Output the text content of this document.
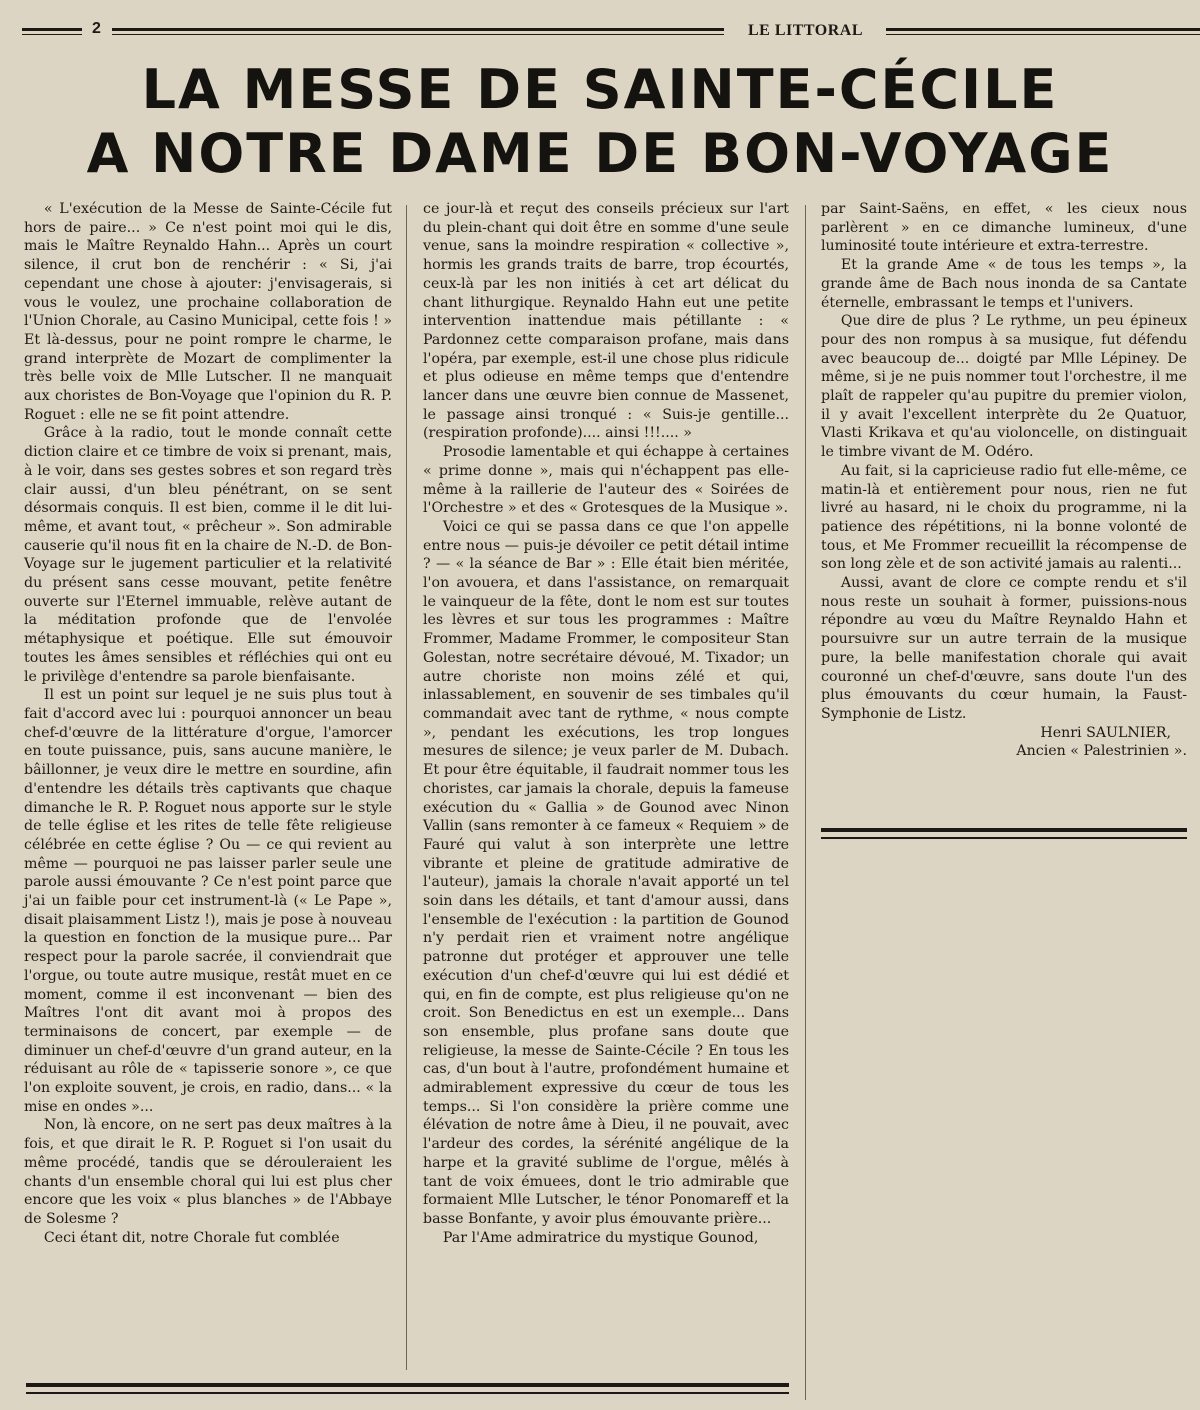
2	LE LITTORAL
LA MESSE DE SAINTE-CÉCILE
A NOTRE DAME DE BON-VOYAGE

« L'exécution de la Messe de Sainte-Cécile fut hors de paire... » Ce n'est point moi qui le dis, mais le Maître Reynaldo Hahn... Après un court silence, il crut bon de renchérir : « Si, j'ai cependant une chose à ajouter: j'envisagerais, si vous le voulez, une prochaine collaboration de l'Union Chorale, au Casino Municipal, cette fois ! » Et là-dessus, pour ne point rompre le charme, le grand interprète de Mozart de complimenter la très belle voix de Mlle Lutscher. Il ne manquait aux choristes de Bon-Voyage que l'opinion du R. P. Roguet : elle ne se fit point attendre.

Grâce à la radio, tout le monde connaît cette diction claire et ce timbre de voix si prenant, mais, à le voir, dans ses gestes sobres et son regard très clair aussi, d'un bleu pénétrant, on se sent désormais conquis. Il est bien, comme il le dit lui-même, et avant tout, « prêcheur ». Son admirable causerie qu'il nous fit en la chaire de N.-D. de Bon-Voyage sur le jugement particulier et la relativité du présent sans cesse mouvant, petite fenêtre ouverte sur l'Eternel immuable, relève autant de la méditation profonde que de l'envolée métaphysique et poétique. Elle sut émouvoir toutes les âmes sensibles et réfléchies qui ont eu le privilège d'entendre sa parole bienfaisante.

Il est un point sur lequel je ne suis plus tout à fait d'accord avec lui : pourquoi annoncer un beau chef-d'œuvre de la littérature d'orgue, l'amorcer en toute puissance, puis, sans aucune manière, le bâillonner, je veux dire le mettre en sourdine, afin d'entendre les détails très captivants que chaque dimanche le R. P. Roguet nous apporte sur le style de telle église et les rites de telle fête religieuse célébrée en cette église ? Ou — ce qui revient au même — pourquoi ne pas laisser parler seule une parole aussi émouvante ? Ce n'est point parce que j'ai un faible pour cet instrument-là (« Le Pape », disait plaisamment Listz !), mais je pose à nouveau la question en fonction de la musique pure... Par respect pour la parole sacrée, il conviendrait que l'orgue, ou toute autre musique, restât muet en ce moment, comme il est inconvenant — bien des Maîtres l'ont dit avant moi à propos des terminaisons de concert, par exemple — de diminuer un chef-d'œuvre d'un grand auteur, en la réduisant au rôle de « tapisserie sonore », ce que l'on exploite souvent, je crois, en radio, dans... « la mise en ondes »...

Non, là encore, on ne sert pas deux maîtres à la fois, et que dirait le R. P. Roguet si l'on usait du même procédé, tandis que se dérouleraient les chants d'un ensemble choral qui lui est plus cher encore que les voix « plus blanches » de l'Abbaye de Solesme ?

Ceci étant dit, notre Chorale fut comblée

ce jour-là et reçut des conseils précieux sur l'art du plein-chant qui doit être en somme d'une seule venue, sans la moindre respiration « collective », hormis les grands traits de barre, trop écourtés, ceux-là par les non initiés à cet art délicat du chant lithurgique. Reynaldo Hahn eut une petite intervention inattendue mais pétillante : « Pardonnez cette comparaison profane, mais dans l'opéra, par exemple, est-il une chose plus ridicule et plus odieuse en même temps que d'entendre lancer dans une œuvre bien connue de Massenet, le passage ainsi tronqué : « Suis-je gentille... (respiration profonde).... ainsi !!!.... »

Prosodie lamentable et qui échappe à certaines « prime donne », mais qui n'échappent pas elle-même à la raillerie de l'auteur des « Soirées de l'Orchestre » et des « Grotesques de la Musique ».

Voici ce qui se passa dans ce que l'on appelle entre nous — puis-je dévoiler ce petit détail intime ? — « la séance de Bar » : Elle était bien méritée, l'on avouera, et dans l'assistance, on remarquait le vainqueur de la fête, dont le nom est sur toutes les lèvres et sur tous les programmes : Maître Frommer, Madame Frommer, le compositeur Stan Golestan, notre secrétaire dévoué, M. Tixador; un autre choriste non moins zélé et qui, inlassablement, en souvenir de ses timbales qu'il commandait avec tant de rythme, « nous compte », pendant les exécutions, les trop longues mesures de silence; je veux parler de M. Dubach. Et pour être équitable, il faudrait nommer tous les choristes, car jamais la chorale, depuis la fameuse exécution du « Gallia » de Gounod avec Ninon Vallin (sans remonter à ce fameux « Requiem » de Fauré qui valut à son interprète une lettre vibrante et pleine de gratitude admirative de l'auteur), jamais la chorale n'avait apporté un tel soin dans les détails, et tant d'amour aussi, dans l'ensemble de l'exécution : la partition de Gounod n'y perdait rien et vraiment notre angélique patronne dut protéger et approuver une telle exécution d'un chef-d'œuvre qui lui est dédié et qui, en fin de compte, est plus religieuse qu'on ne croit. Son Benedictus en est un exemple... Dans son ensemble, plus profane sans doute que religieuse, la messe de Sainte-Cécile ? En tous les cas, d'un bout à l'autre, profondément humaine et admirablement expressive du cœur de tous les temps... Si l'on considère la prière comme une élévation de notre âme à Dieu, il ne pouvait, avec l'ardeur des cordes, la sérénité angélique de la harpe et la gravité sublime de l'orgue, mêlés à tant de voix émuees, dont le trio admirable que formaient Mlle Lutscher, le ténor Ponomareff et la basse Bonfante, y avoir plus émouvante prière...

Par l'Ame admiratrice du mystique Gounod,

par Saint-Saëns, en effet, « les cieux nous parlèrent » en ce dimanche lumineux, d'une luminosité toute intérieure et extra-terrestre.

Et la grande Ame « de tous les temps », la grande âme de Bach nous inonda de sa Cantate éternelle, embrassant le temps et l'univers.

Que dire de plus ? Le rythme, un peu épineux pour des non rompus à sa musique, fut défendu avec beaucoup de... doigté par Mlle Lépiney. De même, si je ne puis nommer tout l'orchestre, il me plaît de rappeler qu'au pupitre du premier violon, il y avait l'excellent interprète du 2e Quatuor, Vlasti Krikava et qu'au violoncelle, on distinguait le timbre vivant de M. Odéro.

Au fait, si la capricieuse radio fut elle-même, ce matin-là et entièrement pour nous, rien ne fut livré au hasard, ni le choix du programme, ni la patience des répétitions, ni la bonne volonté de tous, et Me Frommer recueillit la récompense de son long zèle et de son activité jamais au ralenti...

Aussi, avant de clore ce compte rendu et s'il nous reste un souhait à former, puissions-nous répondre au vœu du Maître Reynaldo Hahn et poursuivre sur un autre terrain de la musique pure, la belle manifestation chorale qui avait couronné un chef-d'œuvre, sans doute l'un des plus émouvants du cœur humain, la Faust-Symphonie de Listz.

Henri SAULNIER,

Ancien « Palestrinien ».
